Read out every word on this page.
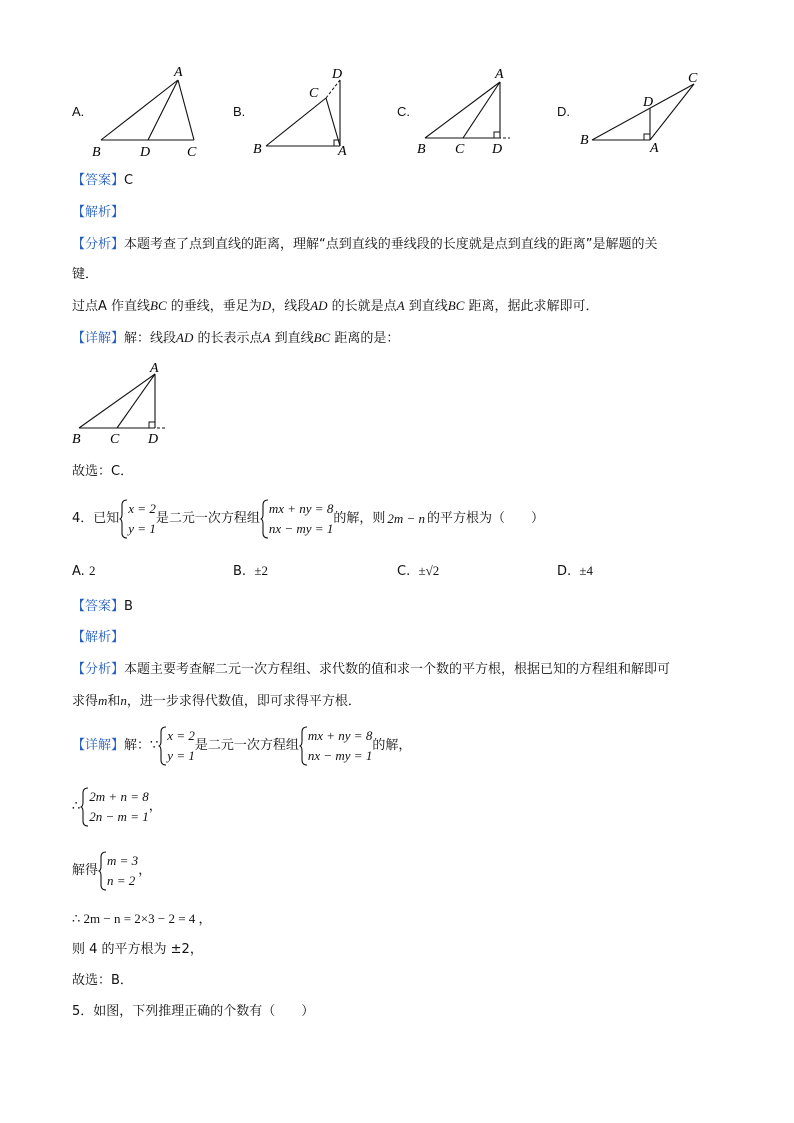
A.
A
B	D	C
B.
D
C
B	A
C.
A
B C D
D.
C
D
B
A
【答案】C
【解析】
【分析】本题考查了点到直线的距离，理解“点到直线的垂线段的长度就是点到直线的距离”是解题的关
键．
过点A 作直线BC 的垂线，垂足为D，线段AD 的长就是点A 到直线BC 距离，据此求解即可．
【详解】解：线段AD 的长表示点A 到直线BC 距离的是：
A
B C D
故选：C．
4．已知
x = 2
y = 1
是二元一次方程组
mx + ny = 8
nx − my = 1
的解，则 2m − n 的平方根为（　　）
A. 2	B. ±2	C. ±√2	D. ±4
【答案】B
【解析】
【分析】本题主要考查解二元一次方程组、求代数的值和求一个数的平方根，根据已知的方程组和解即可
求得m和n，进一步求得代数值，即可求得平方根．
【详解】 解：∵
x = 2
y = 1
是二元一次方程组
mx + ny = 8
nx − my = 1
的解，
∴
2m + n = 8
2n − m = 1
，
解得
m = 3
n = 2
，
∴ 2m − n = 2×3 − 2 = 4 ，
则 4 的平方根为 ±2，
故选：B．
5．如图，下列推理正确的个数有（　　）
